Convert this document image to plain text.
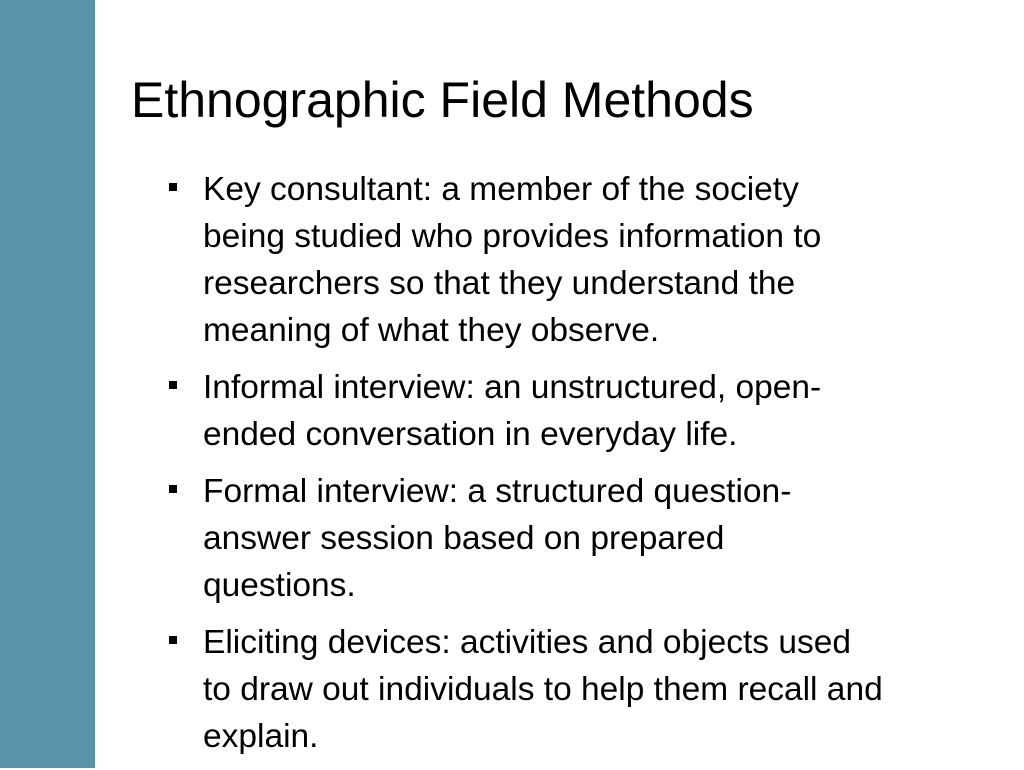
Ethnographic Field Methods
Key consultant: a member of the society
being studied who provides information to
researchers so that they understand the
meaning of what they observe.
Informal interview: an unstructured, open-
ended conversation in everyday life.
Formal interview: a structured question-
answer session based on prepared
questions.
Eliciting devices: activities and objects used
to draw out individuals to help them recall and
explain.
